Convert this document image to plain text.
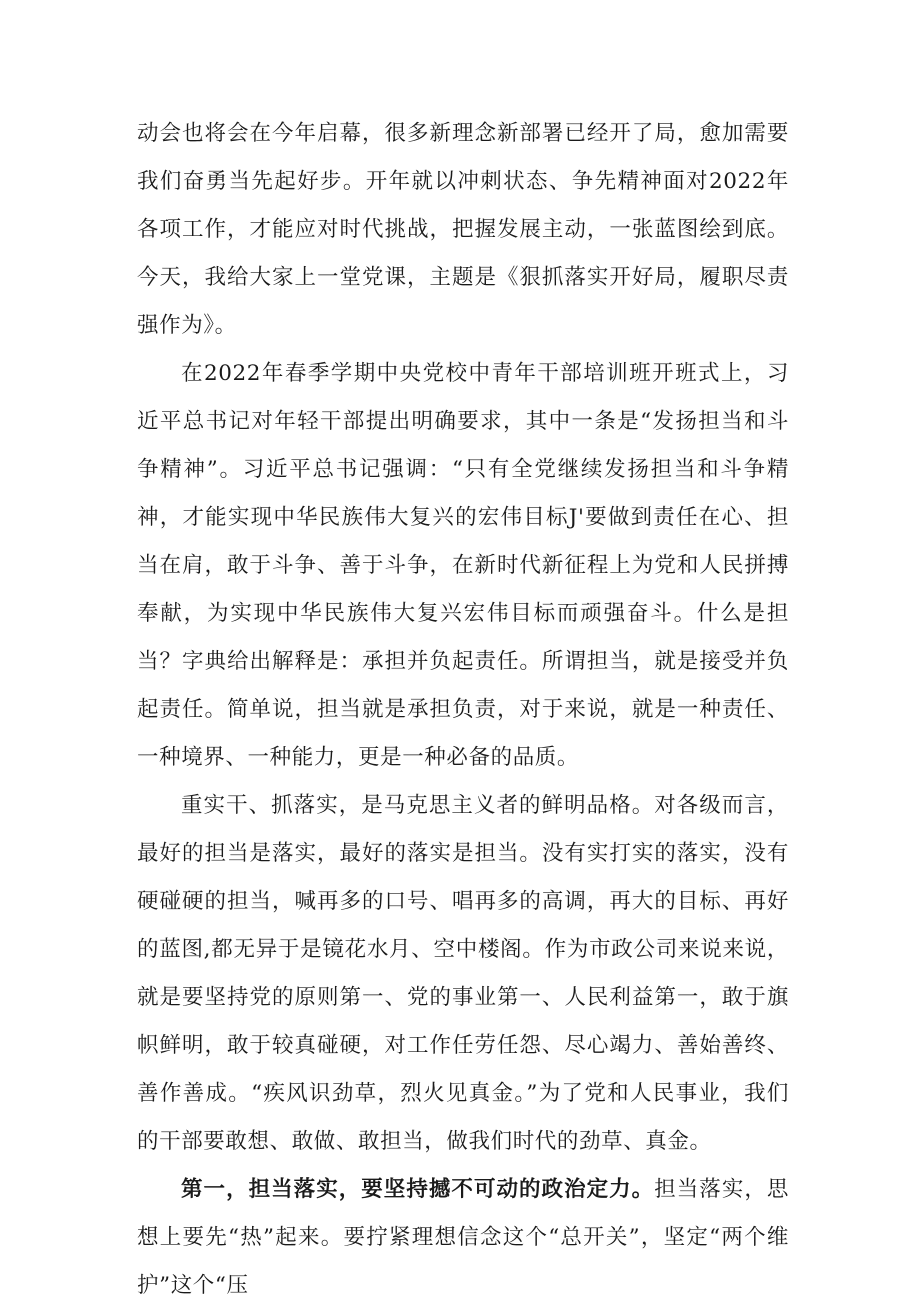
动会也将会在今年启幕，很多新理念新部署已经开了局，愈加需要我们奋勇当先起好步。开年就以冲刺状态、争先精神面对2022年各项工作，才能应对时代挑战，把握发展主动，一张蓝图绘到底。今天，我给大家上一堂党课，主题是《狠抓落实开好局，履职尽责强作为》。

在2022年春季学期中央党校中青年干部培训班开班式上，习近平总书记对年轻干部提出明确要求，其中一条是“发扬担当和斗争精神”。习近平总书记强调：“只有全党继续发扬担当和斗争精神，才能实现中华民族伟大复兴的宏伟目标J'要做到责任在心、担当在肩，敢于斗争、善于斗争，在新时代新征程上为党和人民拼搏奉献，为实现中华民族伟大复兴宏伟目标而顽强奋斗。什么是担当？字典给出解释是：承担并负起责任。所谓担当，就是接受并负起责任。简单说，担当就是承担负责，对于来说，就是一种责任、一种境界、一种能力，更是一种必备的品质。

重实干、抓落实，是马克思主义者的鲜明品格。对各级而言，最好的担当是落实，最好的落实是担当。没有实打实的落实，没有硬碰硬的担当，喊再多的口号、唱再多的高调，再大的目标、再好的蓝图,都无异于是镜花水月、空中楼阁。作为市政公司来说来说，就是要坚持党的原则第一、党的事业第一、人民利益第一，敢于旗帜鲜明，敢于较真碰硬，对工作任劳任怨、尽心竭力、善始善终、善作善成。“疾风识劲草，烈火见真金。”为了党和人民事业，我们的干部要敢想、敢做、敢担当，做我们时代的劲草、真金。

第一，担当落实，要坚持撼不可动的政治定力。担当落实，思想上要先“热”起来。要拧紧理想信念这个“总开关”，坚定“两个维护”这个“压
